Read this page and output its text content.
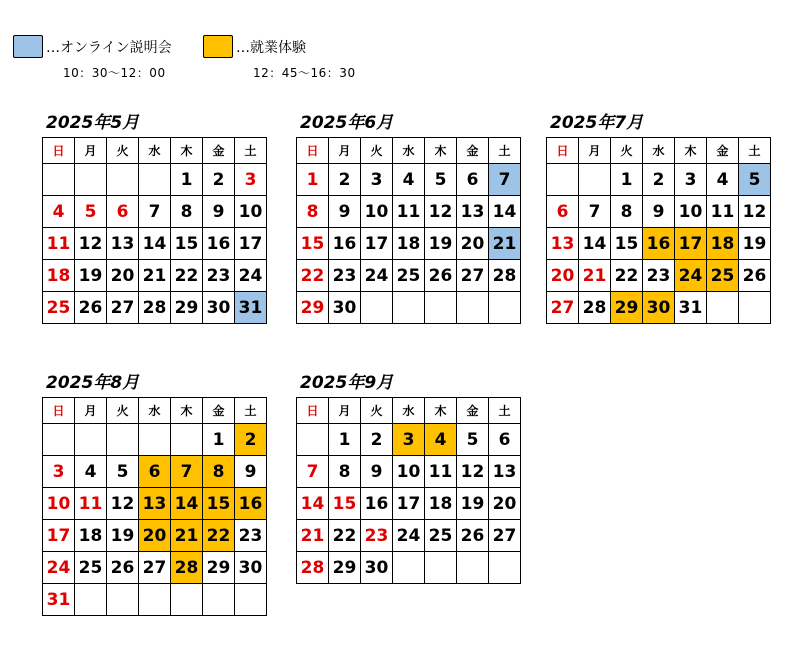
…オンライン説明会
10：30〜12：00
…就業体験
12：45〜16：30
2025年5月
日	月	火	水	木	金	土
				1	2	3
4	5	6	7	8	9	10
11	12	13	14	15	16	17
18	19	20	21	22	23	24
25	26	27	28	29	30	31
2025年6月
日	月	火	水	木	金	土
1	2	3	4	5	6	7
8	9	10	11	12	13	14
15	16	17	18	19	20	21
22	23	24	25	26	27	28
29	30					
2025年7月
日	月	火	水	木	金	土
		1	2	3	4	5
6	7	8	9	10	11	12
13	14	15	16	17	18	19
20	21	22	23	24	25	26
27	28	29	30	31		
2025年8月
日	月	火	水	木	金	土
					1	2
3	4	5	6	7	8	9
10	11	12	13	14	15	16
17	18	19	20	21	22	23
24	25	26	27	28	29	30
31						
2025年9月
日	月	火	水	木	金	土
	1	2	3	4	5	6
7	8	9	10	11	12	13
14	15	16	17	18	19	20
21	22	23	24	25	26	27
28	29	30				
